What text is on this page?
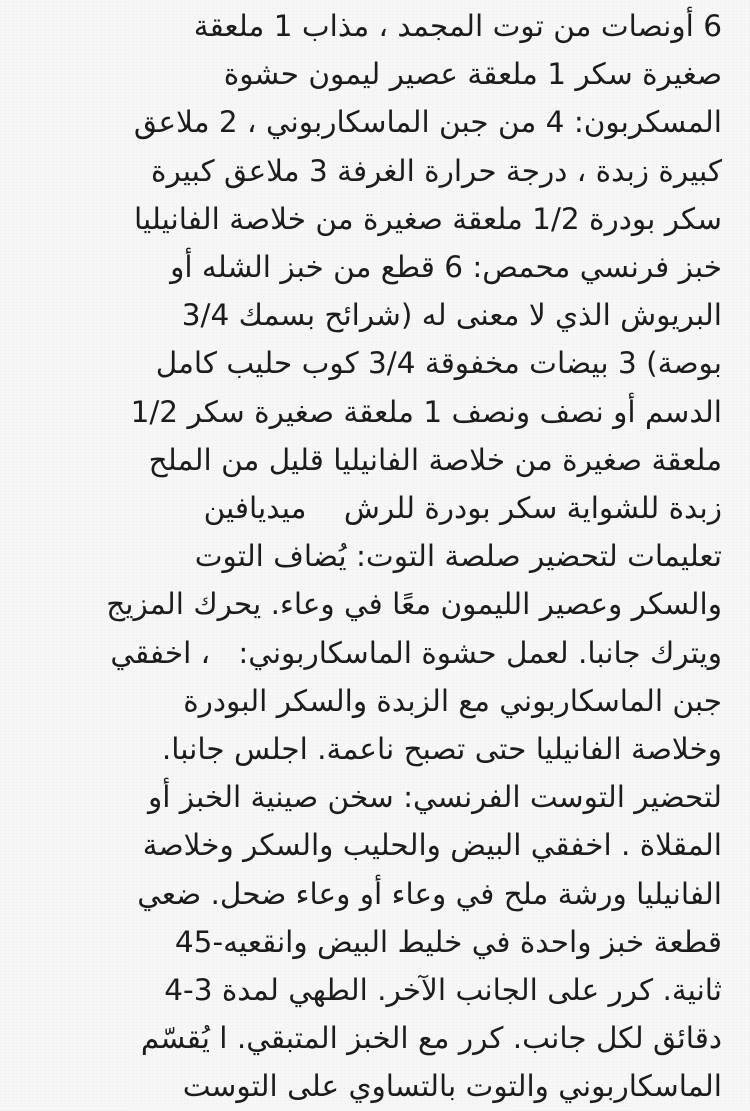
6 أونصات من توت المجمد ، مذاب 1 ملعقة
صغيرة سكر 1 ملعقة عصير ليمون حشوة
المسكربون: 4 من جبن الماسكاربوني ، 2 ملاعق
كبيرة زبدة ، درجة حرارة الغرفة 3 ملاعق كبيرة
سكر بودرة 1/2 ملعقة صغيرة من خلاصة الفانيليا
خبز فرنسي محمص: 6 قطع من خبز الشله أو
البريوش الذي لا معنى له (شرائح بسمك 3/4
بوصة) 3 بيضات مخفوقة 3/4 كوب حليب كامل
الدسم أو نصف ونصف 1 ملعقة صغيرة سكر 1/2
ملعقة صغيرة من خلاصة الفانيليا قليل من الملح
زبدة للشواية سكر بودرة للرش    ميديافين
تعليمات لتحضير صلصة التوت: يُضاف التوت
والسكر وعصير الليمون معًا في وعاء. يحرك المزيج
ويترك جانبا. لعمل حشوة الماسكاربوني:   ، اخفقي
جبن الماسكاربوني مع الزبدة والسكر البودرة
وخلاصة الفانيليا حتى تصبح ناعمة. اجلس جانبا.
لتحضير التوست الفرنسي: سخن صينية الخبز أو
المقلاة . اخفقي البيض والحليب والسكر وخلاصة
الفانيليا ورشة ملح في وعاء أو وعاء ضحل. ضعي
قطعة خبز واحدة في خليط البيض وانقعيه-45
ثانية. كرر على الجانب الآخر. الطهي لمدة 3-4
دقائق لكل جانب. كرر مع الخبز المتبقي. ا يُقسّم
الماسكاربوني والتوت بالتساوي على التوست
